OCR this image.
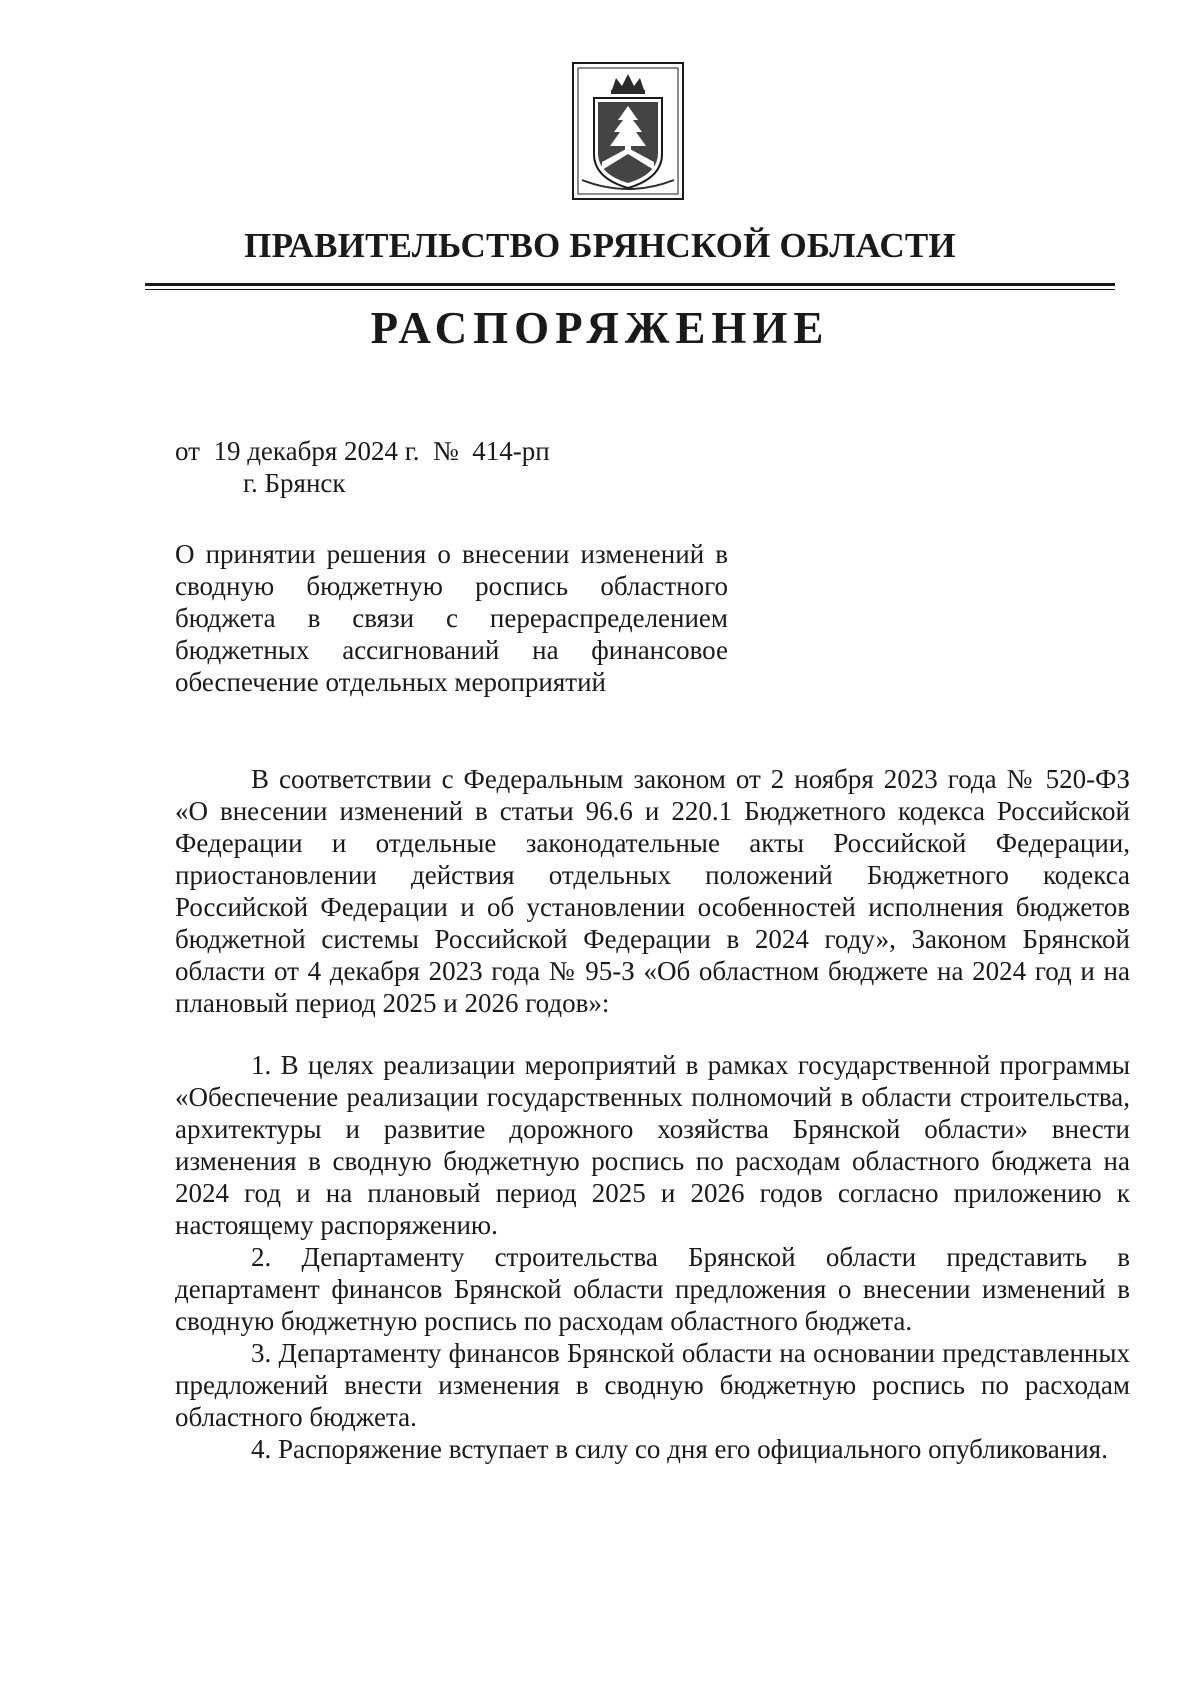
ПРАВИТЕЛЬСТВО БРЯНСКОЙ ОБЛАСТИ
РАСПОРЯЖЕНИЕ
от  19 декабря 2024 г.  №  414-рп
г. Брянск
О принятии решения о внесении изменений в сводную бюджетную роспись областного бюджета в связи с перераспределением бюджетных ассигнований на финансовое обеспечение отдельных мероприятий

В соответствии с Федеральным законом от 2 ноября 2023 года № 520-ФЗ «О внесении изменений в статьи 96.6 и 220.1 Бюджетного кодекса Российской Федерации и отдельные законодательные акты Российской Федерации, приостановлении действия отдельных положений Бюджетного кодекса Российской Федерации и об установлении особенностей исполнения бюджетов бюджетной системы Российской Федерации в 2024 году», Законом Брянской области от 4 декабря 2023 года № 95-З «Об областном бюджете на 2024 год и на плановый период 2025 и 2026 годов»:

1. В целях реализации мероприятий в рамках государственной программы «Обеспечение реализации государственных полномочий в области строительства, архитектуры и развитие дорожного хозяйства Брянской области» внести изменения в сводную бюджетную роспись по расходам областного бюджета на 2024 год и на плановый период 2025 и 2026 годов согласно приложению к настоящему распоряжению.

2. Департаменту строительства Брянской области представить в департамент финансов Брянской области предложения о внесении изменений в сводную бюджетную роспись по расходам областного бюджета.

3. Департаменту финансов Брянской области на основании представленных предложений внести изменения в сводную бюджетную роспись по расходам областного бюджета.

4. Распоряжение вступает в силу со дня его официального опубликования.
